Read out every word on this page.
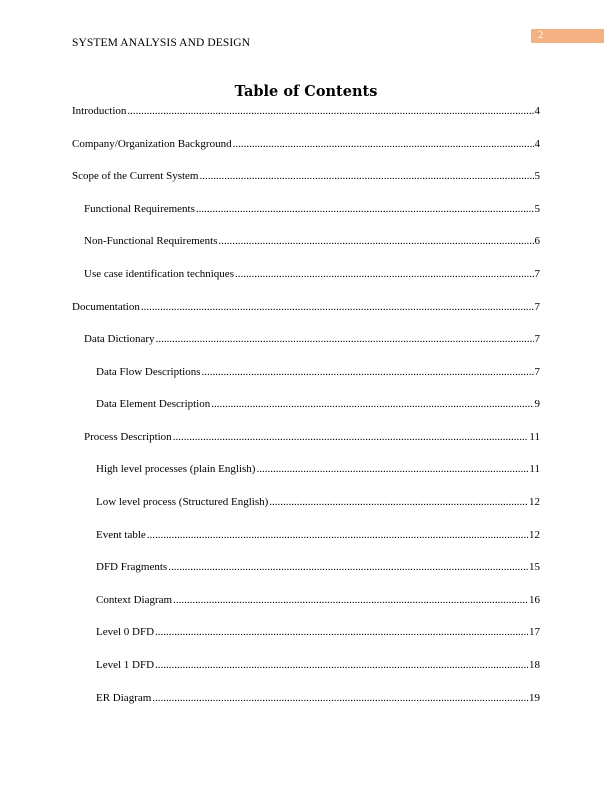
SYSTEM ANALYSIS AND DESIGN
2
Table of Contents
Introduction .....	4
Company/Organization Background .....	4
Scope of the Current System .....	5
Functional Requirements .....	5
Non-Functional Requirements .....	6
Use case identification techniques .....	7
Documentation .....	7
Data Dictionary .....	7
Data Flow Descriptions .....	7
Data Element Description .....	9
Process Description .....	11
High level processes (plain English) .....	11
Low level process (Structured English) .....	12
Event table .....	12
DFD Fragments .....	15
Context Diagram .....	16
Level 0 DFD .....	17
Level 1 DFD .....	18
ER Diagram .....	19
